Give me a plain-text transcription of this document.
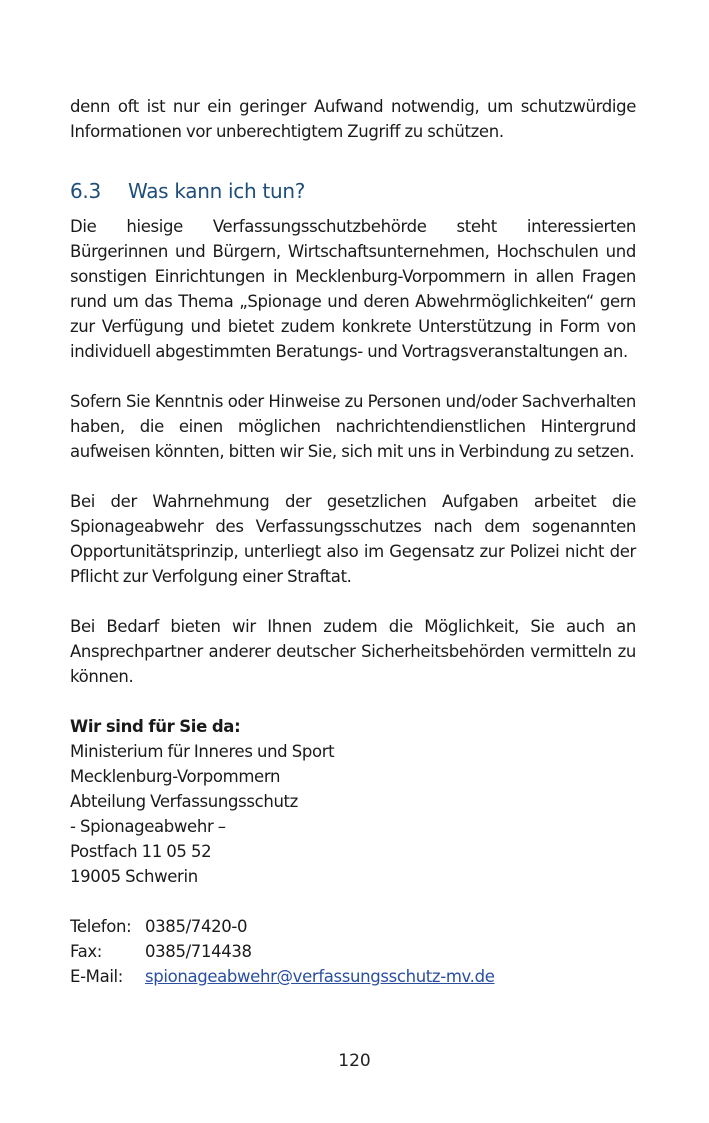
denn oft ist nur ein geringer Aufwand notwendig, um schutzwürdige Informationen vor unberechtigtem Zugriff zu schützen.

6.3	Was kann ich tun?

Die hiesige Verfassungsschutzbehörde steht interessierten Bürgerinnen und Bürgern, Wirtschaftsunternehmen, Hochschulen und sonstigen Einrichtungen in Mecklenburg-Vorpommern in allen Fragen rund um das Thema „Spionage und deren Abwehrmöglichkeiten“ gern zur Verfügung und bietet zudem konkrete Unterstützung in Form von individuell abgestimmten Beratungs- und Vortragsveranstaltungen an.

Sofern Sie Kenntnis oder Hinweise zu Personen und/oder Sachverhalten haben, die einen möglichen nachrichtendienstlichen Hintergrund aufweisen könnten, bitten wir Sie, sich mit uns in Verbindung zu setzen.

Bei der Wahrnehmung der gesetzlichen Aufgaben arbeitet die Spionageabwehr des Verfassungsschutzes nach dem sogenannten Opportunitätsprinzip, unterliegt also im Gegensatz zur Polizei nicht der Pflicht zur Verfolgung einer Straftat.

Bei Bedarf bieten wir Ihnen zudem die Möglichkeit, Sie auch an Ansprechpartner anderer deutscher Sicherheitsbehörden vermitteln zu können.

Wir sind für Sie da:
Ministerium für Inneres und Sport
Mecklenburg-Vorpommern
Abteilung Verfassungsschutz
- Spionageabwehr –
Postfach 11 05 52
19005 Schwerin
Telefon: 0385/7420-0
Fax:	0385/714438
E-Mail:	spionageabwehr@verfassungsschutz-mv.de
120
